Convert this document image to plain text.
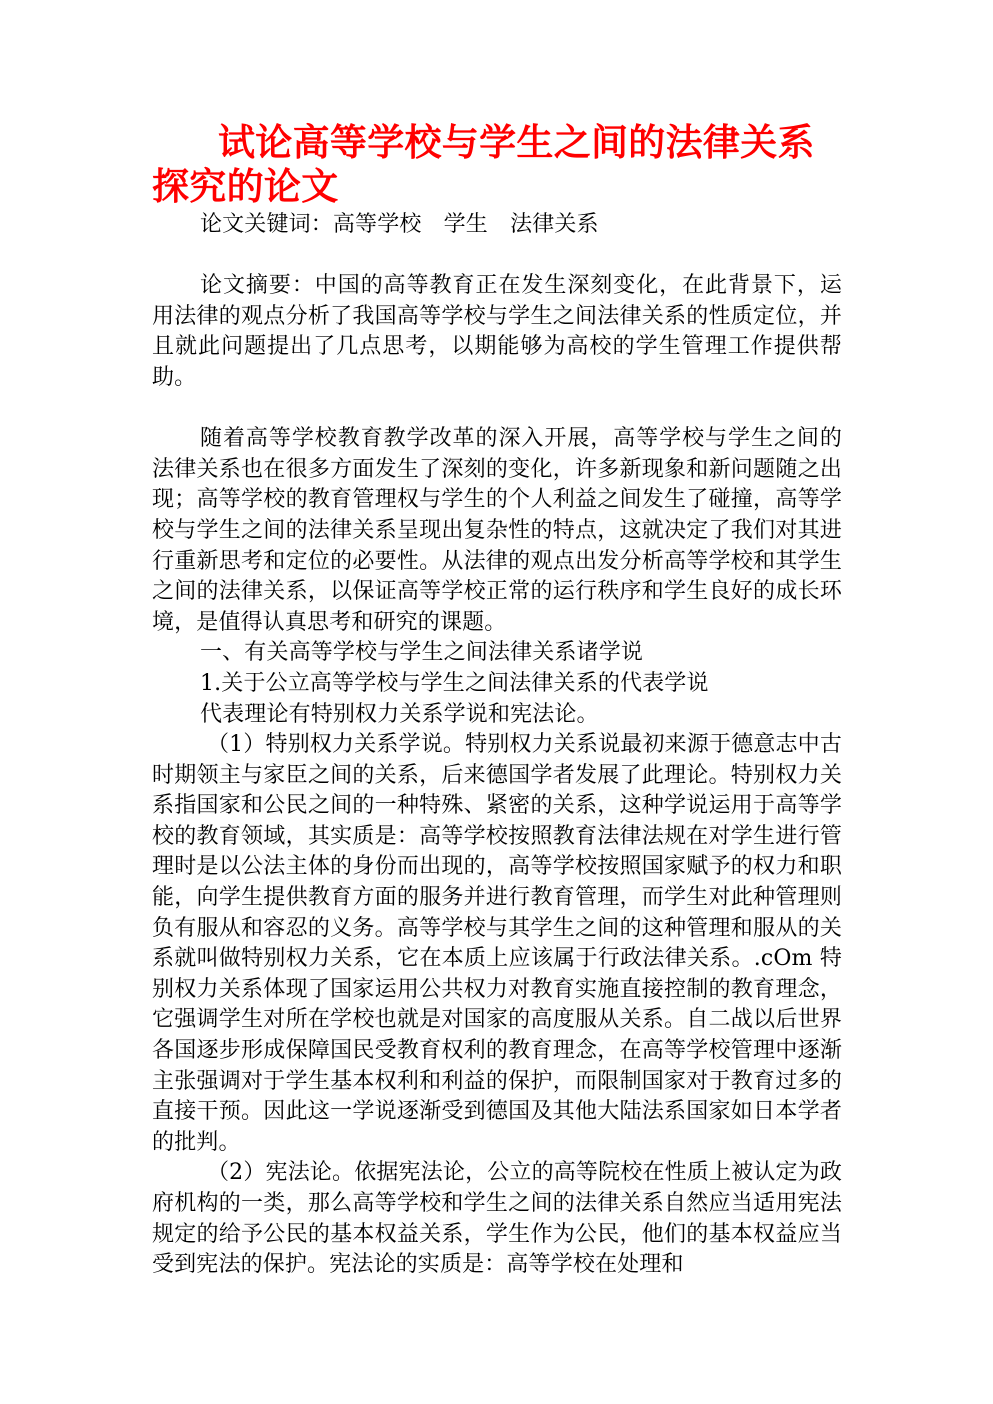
试论高等学校与学生之间的法律关系探究的论文

论文关键词：高等学校　学生　法律关系

论文摘要：中国的高等教育正在发生深刻变化，在此背景下，运用法律的观点分析了我国高等学校与学生之间法律关系的性质定位，并且就此问题提出了几点思考，以期能够为高校的学生管理工作提供帮助。

随着高等学校教育教学改革的深入开展，高等学校与学生之间的法律关系也在很多方面发生了深刻的变化，许多新现象和新问题随之出现；高等学校的教育管理权与学生的个人利益之间发生了碰撞，高等学校与学生之间的法律关系呈现出复杂性的特点，这就决定了我们对其进行重新思考和定位的必要性。从法律的观点出发分析高等学校和其学生之间的法律关系，以保证高等学校正常的运行秩序和学生良好的成长环境，是值得认真思考和研究的课题。

一、有关高等学校与学生之间法律关系诸学说

1.关于公立高等学校与学生之间法律关系的代表学说

代表理论有特别权力关系学说和宪法论。

（1）特别权力关系学说。特别权力关系说最初来源于德意志中古时期领主与家臣之间的关系，后来德国学者发展了此理论。特别权力关系指国家和公民之间的一种特殊、紧密的关系，这种学说运用于高等学校的教育领域，其实质是：高等学校按照教育法律法规在对学生进行管理时是以公法主体的身份而出现的，高等学校按照国家赋予的权力和职能，向学生提供教育方面的服务并进行教育管理，而学生对此种管理则负有服从和容忍的义务。高等学校与其学生之间的这种管理和服从的关系就叫做特别权力关系，它在本质上应该属于行政法律关系。.cOm 特别权力关系体现了国家运用公共权力对教育实施直接控制的教育理念，它强调学生对所在学校也就是对国家的高度服从关系。自二战以后世界各国逐步形成保障国民受教育权利的教育理念，在高等学校管理中逐渐主张强调对于学生基本权利和利益的保护，而限制国家对于教育过多的直接干预。因此这一学说逐渐受到德国及其他大陆法系国家如日本学者的批判。

（2）宪法论。依据宪法论，公立的高等院校在性质上被认定为政府机构的一类，那么高等学校和学生之间的法律关系自然应当适用宪法规定的给予公民的基本权益关系，学生作为公民，他们的基本权益应当受到宪法的保护。宪法论的实质是：高等学校在处理和
